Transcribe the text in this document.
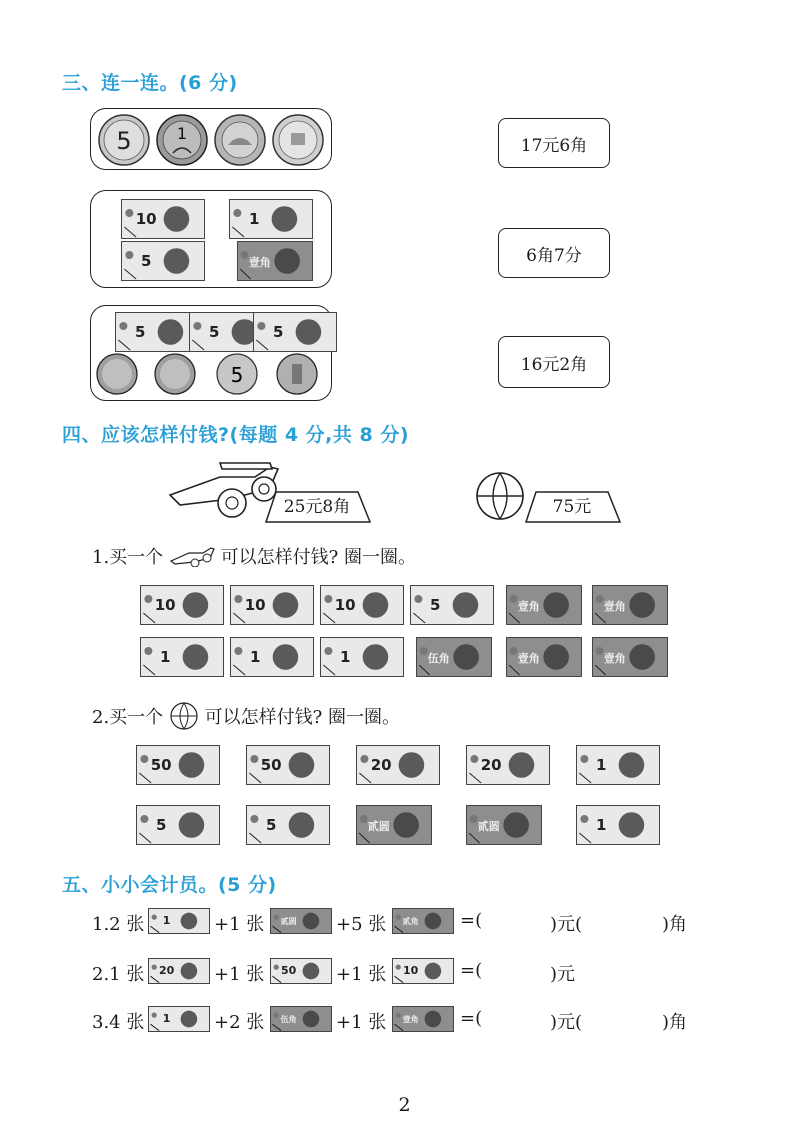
三、连一连。(6 分)
5	1
17元6角
10	1
5	壹角	6角7分
5	5	5
5	16元2角
四、应该怎样付钱?(每题 4 分,共 8 分)
25元8角	75元
1.买一个	可以怎样付钱? 圈一圈。
10	10	10	5	壹角	壹角
1	1	1	伍角	壹角	壹角
2.买一个 可以怎样付钱? 圈一圈。
50	50	20	20	1
5	5	贰圆	贰圆	1
五、小小会计员。(5 分)
1.2 张 1 +1 张 贰圆 +5 张 贰角 =(	)元(	)角
2.1 张 20 +1 张 50 +1 张 10 =(	)元
3.4 张 1 +2 张 伍角 +1 张 壹角 =(	)元(	)角
2
